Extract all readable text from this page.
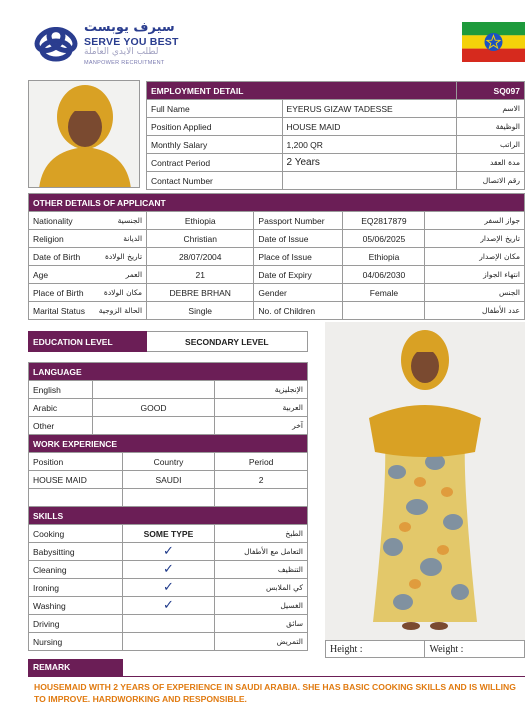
سيرف يوبست
SERVE YOU BEST
لطلب الايدي العاملة
MANPOWER RECRUITMENT
EMPLOYMENT DETAIL		SQ097
Full Name	EYERUS GIZAW TADESSE	الاسم
Position Applied	HOUSE MAID	الوظيفة
Monthly Salary	1,200 QR	الراتب
Contract Period	2 Years	مدة العقد
Contact Number		رقم الاتصال
OTHER DETAILS OF APPLICANT					
Nationality	الجنسية	Ethiopia	Passport Number	EQ2817879	جواز السفر
Religion	الديانة	Christian	Date of Issue	05/06/2025	تاريخ الإصدار
Date of Birth	تاريخ الولادة	28/07/2004	Place of Issue	Ethiopia	مكان الإصدار
Age	العمر	21	Date of Expiry	04/06/2030	انتهاء الجواز
Place of Birth	مكان الولادة	DEBRE BRHAN	Gender	Female	الجنس
Marital Status	الحالة الزوجية	Single	No. of Children		عدد الأطفال
EDUCATION LEVEL	SECONDARY LEVEL
LANGUAGE			
English			الإنجليزية
Arabic	GOOD		العربية
Other			آخر
WORK EXPERIENCE			
Position		Country	Period
HOUSE MAID		SAUDI	2

SKILLS			
Cooking		SOME TYPE	الطبخ
Babysitting		✓	التعامل مع الأطفال
Cleaning		✓	التنظيف
Ironing		✓	كي الملابس
Washing		✓	الغسيل
Driving			سائق
Nursing			التمريض
Height :	Weight :
REMARK
HOUSEMAID WITH 2 YEARS OF EXPERIENCE IN SAUDI ARABIA. SHE HAS BASIC COOKING SKILLS AND IS WILLING TO IMPROVE. HARDWORKING AND RESPONSIBLE.
